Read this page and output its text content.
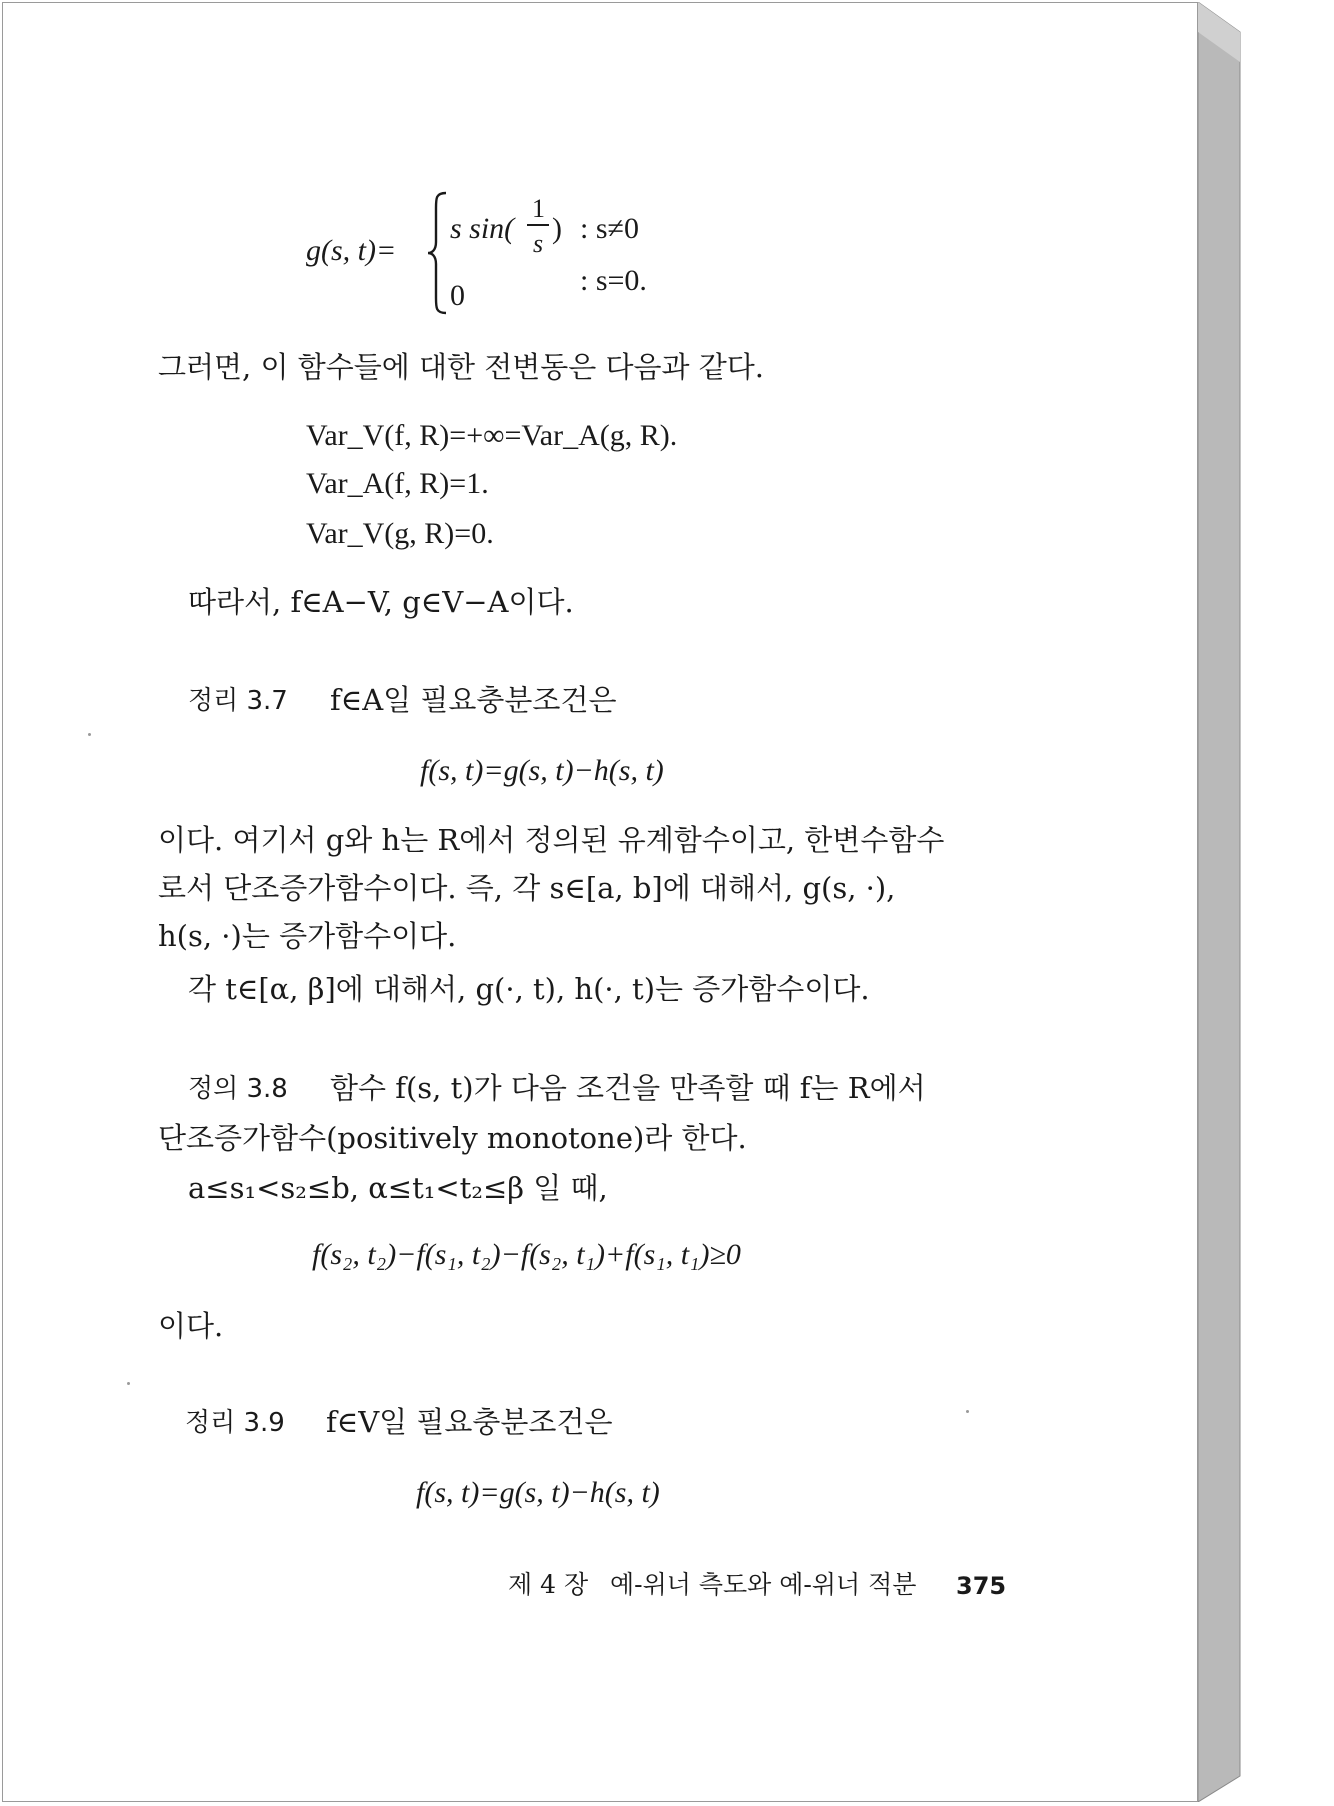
g(s, t)=
s sin(
1
s ) : s≠0
0	: s=0.
그러면, 이 함수들에 대한 전변동은 다음과 같다.
Var_V(f, R)=+∞=Var_A(g, R).
Var_A(f, R)=1.
Var_V(g, R)=0.
따라서, f∈A−V, g∈V−A이다.
정리 3.7 f∈A일 필요충분조건은
f(s, t)=g(s, t)−h(s, t)
이다. 여기서 g와 h는 R에서 정의된 유계함수이고, 한변수함수
로서 단조증가함수이다. 즉, 각 s∈[a, b]에 대해서, g(s, ·),
h(s, ·)는 증가함수이다.
각 t∈[α, β]에 대해서, g(·, t), h(·, t)는 증가함수이다.
정의 3.8 함수 f(s, t)가 다음 조건을 만족할 때 f는 R에서
단조증가함수(positively monotone)라 한다.
a≤s₁<s₂≤b, α≤t₁<t₂≤β 일 때,
f(s₂, t₂)−f(s₁, t₂)−f(s₂, t₁)+f(s₁, t₁)≥0
이다.
정리 3.9 f∈V일 필요충분조건은
f(s, t)=g(s, t)−h(s, t)
제 4 장 예-위너 측도와 예-위너 적분 375
